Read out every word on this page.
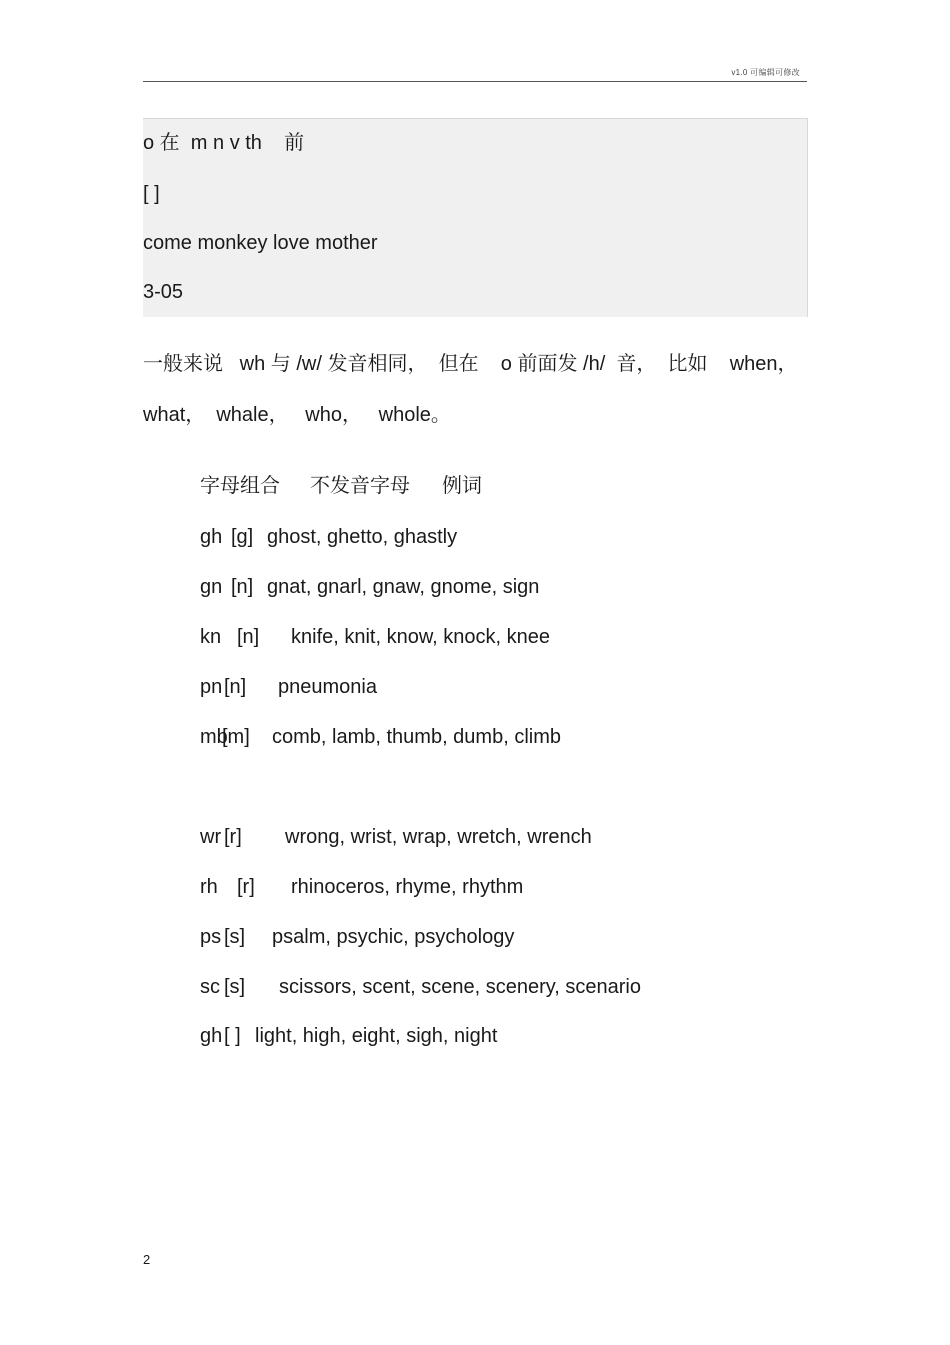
v1.0 可编辑可修改
o 在  m n v th    前
[ ]
come monkey love mother
3-05
一般来说   wh 与 /w/ 发音相同，  但在    o 前面发 /h/  音，  比如    when，
what，  whale，   who，   whole。

字母组合

不发音字母

例词

gh

[g]

ghost, ghetto, ghastly

gn

[n]

gnat, gnarl, gnaw, gnome, sign

kn

[n]

knife, knit, know, knock, knee

pn

[n]

pneumonia

mb

[m]

comb, lamb, thumb, dumb, climb

wr

[r]

wrong, wrist, wrap, wretch, wrench

rh

[r]

rhinoceros, rhyme, rhythm

ps

[s]

psalm, psychic, psychology

sc

[s]

scissors, scent, scene, scenery, scenario

gh

[ ]

light, high, eight, sigh, night

2
